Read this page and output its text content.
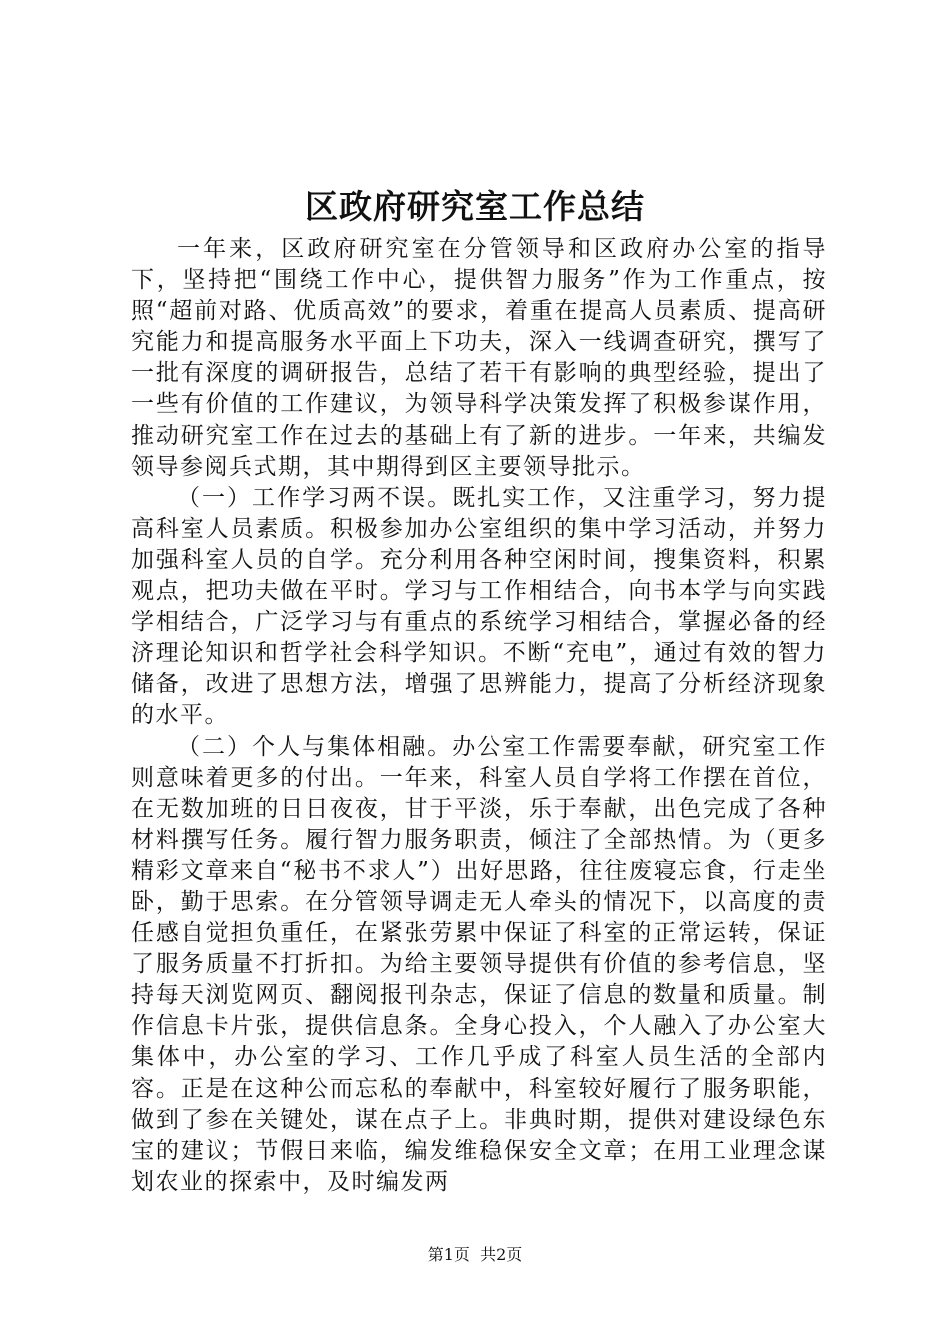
区政府研究室工作总结

一年来，区政府研究室在分管领导和区政府办公室的指导下，坚持把“围绕工作中心，提供智力服务”作为工作重点，按照“超前对路、优质高效”的要求，着重在提高人员素质、提高研究能力和提高服务水平面上下功夫，深入一线调查研究，撰写了一批有深度的调研报告，总结了若干有影响的典型经验，提出了一些有价值的工作建议，为领导科学决策发挥了积极参谋作用，推动研究室工作在过去的基础上有了新的进步。一年来，共编发领导参阅兵式期，其中期得到区主要领导批示。

（一）工作学习两不误。既扎实工作，又注重学习，努力提高科室人员素质。积极参加办公室组织的集中学习活动，并努力加强科室人员的自学。充分利用各种空闲时间，搜集资料，积累观点，把功夫做在平时。学习与工作相结合，向书本学与向实践学相结合，广泛学习与有重点的系统学习相结合，掌握必备的经济理论知识和哲学社会科学知识。不断“充电”，通过有效的智力储备，改进了思想方法，增强了思辨能力，提高了分析经济现象的水平。

（二）个人与集体相融。办公室工作需要奉献，研究室工作则意味着更多的付出。一年来，科室人员自学将工作摆在首位，在无数加班的日日夜夜，甘于平淡，乐于奉献，出色完成了各种材料撰写任务。履行智力服务职责，倾注了全部热情。为（更多精彩文章来自“秘书不求人”）出好思路，往往废寝忘食，行走坐卧，勤于思索。在分管领导调走无人牵头的情况下，以高度的责任感自觉担负重任，在紧张劳累中保证了科室的正常运转，保证了服务质量不打折扣。为给主要领导提供有价值的参考信息，坚持每天浏览网页、翻阅报刊杂志，保证了信息的数量和质量。制作信息卡片张，提供信息条。全身心投入，个人融入了办公室大集体中，办公室的学习、工作几乎成了科室人员生活的全部内容。正是在这种公而忘私的奉献中，科室较好履行了服务职能，做到了参在关键处，谋在点子上。非典时期，提供对建设绿色东宝的建议；节假日来临，编发维稳保安全文章；在用工业理念谋划农业的探索中，及时编发两

第1页  共2页
